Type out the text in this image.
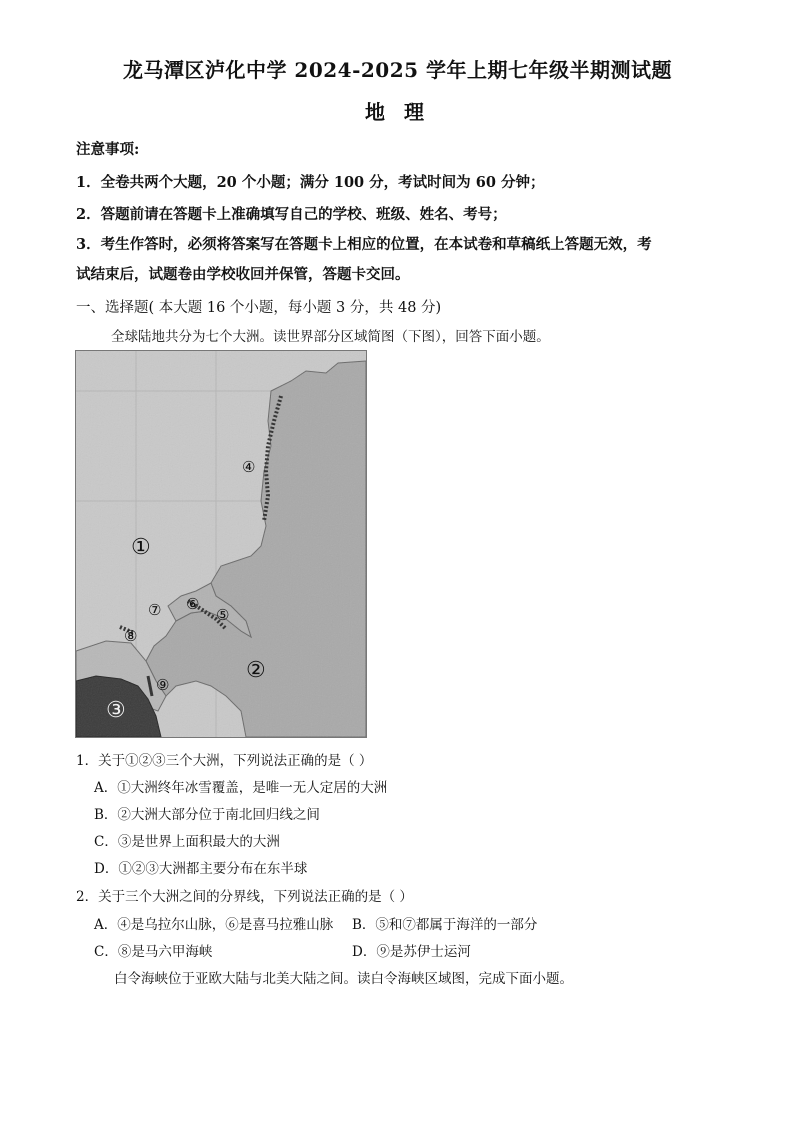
龙马潭区泸化中学 2024-2025 学年上期七年级半期测试题
地 理
注意事项:
1．全卷共两个大题，20 个小题；满分 100 分，考试时间为 60 分钟；
2．答题前请在答题卡上准确填写自己的学校、班级、姓名、考号；
3．考生作答时，必须将答案写在答题卡上相应的位置，在本试卷和草稿纸上答题无效，考
试结束后，试题卷由学校收回并保管，答题卡交回。
一、选择题( 本大题 16 个小题，每小题 3 分，共 48 分)
全球陆地共分为七个大洲。读世界部分区域简图（下图），回答下面小题。
①
②
③
④
⑤
⑥
⑦
⑧
⑨
1．关于①②③三个大洲，下列说法正确的是（ ）
A．①大洲终年冰雪覆盖，是唯一无人定居的大洲
B．②大洲大部分位于南北回归线之间
C．③是世界上面积最大的大洲
D．①②③大洲都主要分布在东半球
2．关于三个大洲之间的分界线，下列说法正确的是（ ）
A．④是乌拉尔山脉，⑥是喜马拉雅山脉 B．⑤和⑦都属于海洋的一部分
C．⑧是马六甲海峡	D．⑨是苏伊士运河
白令海峡位于亚欧大陆与北美大陆之间。读白令海峡区域图，完成下面小题。
